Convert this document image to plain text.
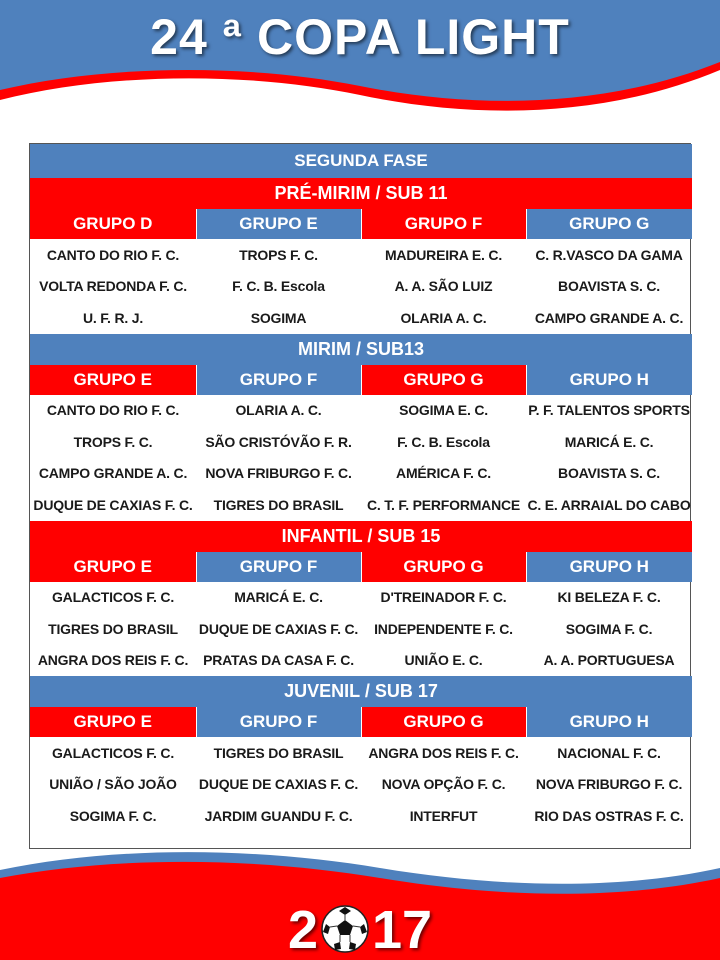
24 ª COPA LIGHT
SEGUNDA FASE			
PRÉ-MIRIM / SUB 11			
GRUPO D	GRUPO E	GRUPO F	GRUPO G
CANTO DO RIO F. C.	TROPS F. C.	MADUREIRA E. C.	C. R.VASCO DA GAMA
VOLTA REDONDA F. C.	F. C. B. Escola	A. A. SÃO LUIZ	BOAVISTA S. C.
U. F. R. J.	SOGIMA	OLARIA A. C.	CAMPO GRANDE A. C.
MIRIM / SUB13			
GRUPO E	GRUPO F	GRUPO G	GRUPO H
CANTO DO RIO F. C.	OLARIA A. C.	SOGIMA E. C.	P. F. TALENTOS SPORTS
TROPS F. C.	SÃO CRISTÓVÃO F. R.	F. C. B. Escola	MARICÁ E. C.
CAMPO GRANDE A. C.	NOVA FRIBURGO F. C.	AMÉRICA F. C.	BOAVISTA S. C.
DUQUE DE CAXIAS F. C.	TIGRES DO BRASIL	C. T. F. PERFORMANCE	C. E. ARRAIAL DO CABO
INFANTIL / SUB 15			
GRUPO E	GRUPO F	GRUPO G	GRUPO H
GALACTICOS F. C.	MARICÁ E. C.	D'TREINADOR F. C.	KI BELEZA F. C.
TIGRES DO BRASIL	DUQUE DE CAXIAS F. C.	INDEPENDENTE F. C.	SOGIMA F. C.
ANGRA DOS REIS F. C.	PRATAS DA CASA F. C.	UNIÃO E. C.	A. A. PORTUGUESA
JUVENIL / SUB 17			
GRUPO E	GRUPO F	GRUPO G	GRUPO H
GALACTICOS F. C.	TIGRES DO BRASIL	ANGRA DOS REIS F. C.	NACIONAL F. C.
UNIÃO / SÃO JOÃO	DUQUE DE CAXIAS F. C.	NOVA OPÇÃO F. C.	NOVA FRIBURGO F. C.
SOGIMA F. C.	JARDIM GUANDU F. C.	INTERFUT	RIO DAS OSTRAS F. C.
2 17
